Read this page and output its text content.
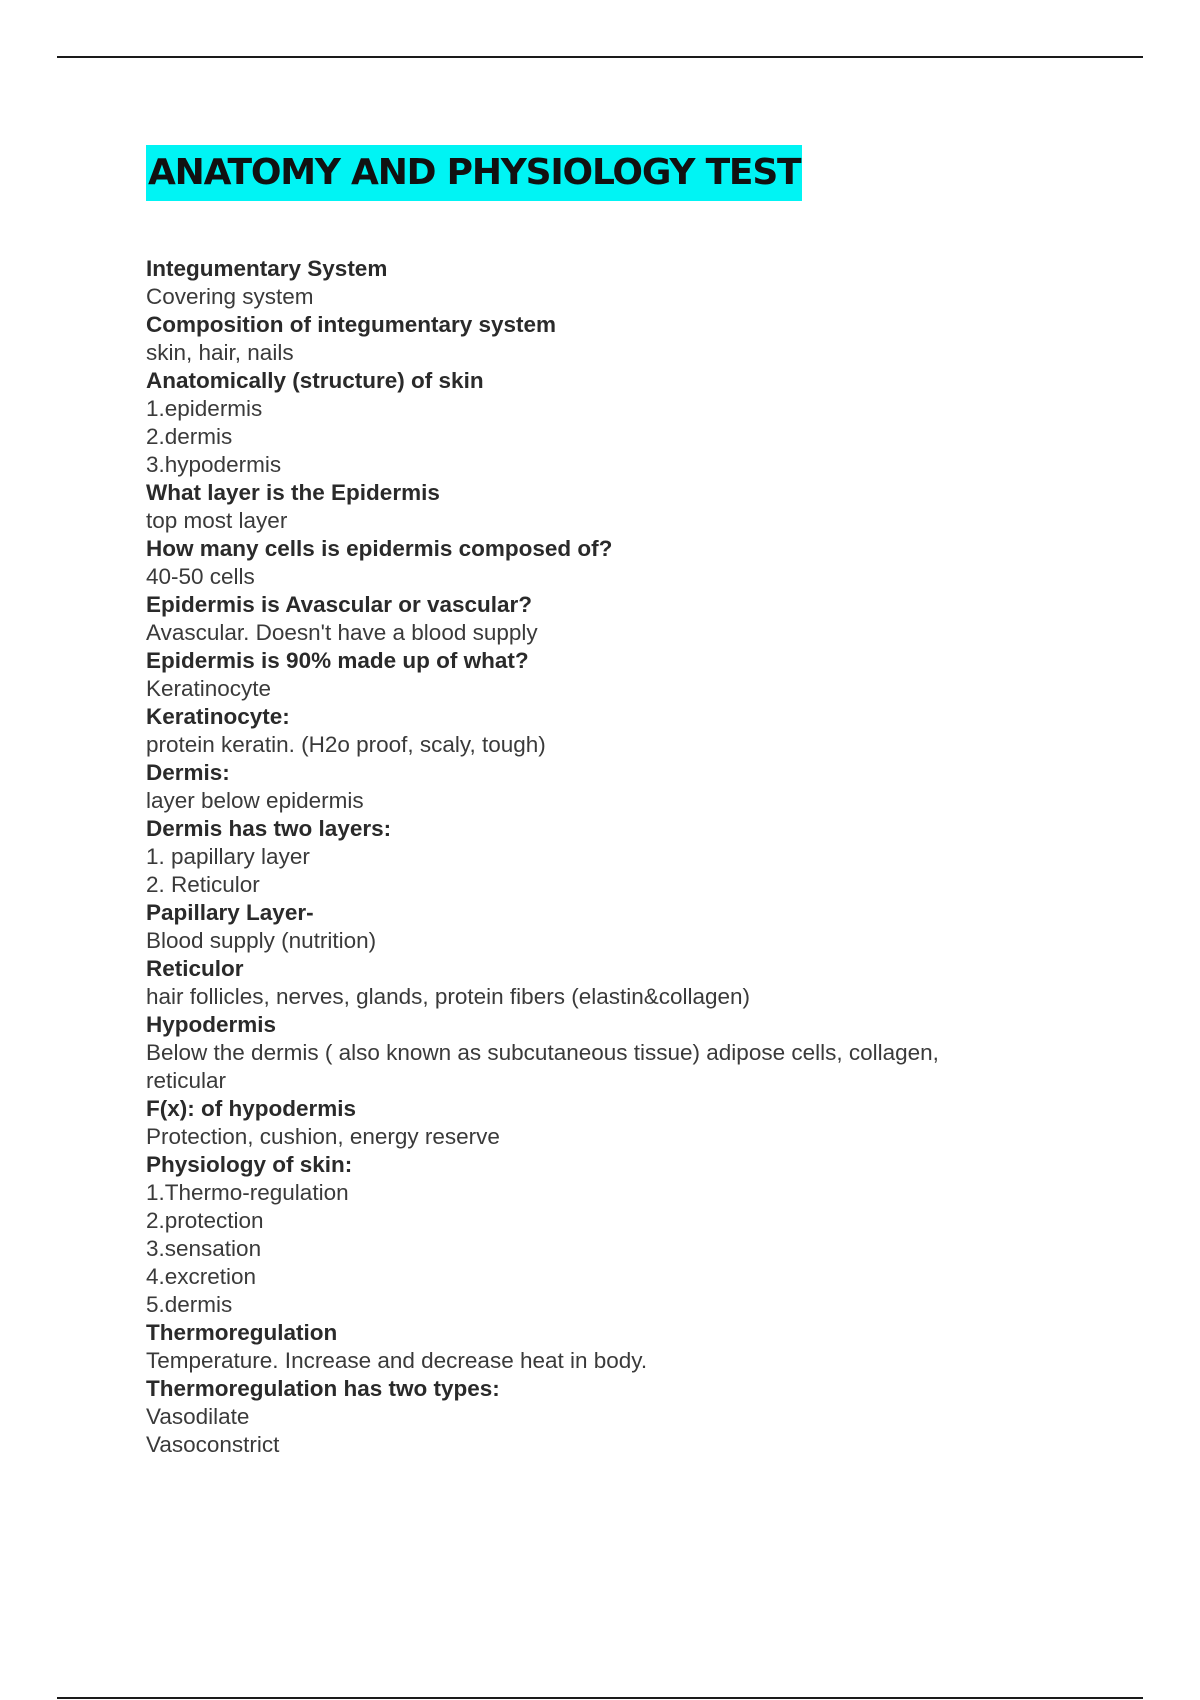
ANATOMY AND PHYSIOLOGY TEST
Integumentary System
Covering system
Composition of integumentary system
skin, hair, nails
Anatomically (structure) of skin
1.epidermis
2.dermis
3.hypodermis
What layer is the Epidermis
top most layer
How many cells is epidermis composed of?
40-50 cells
Epidermis is Avascular or vascular?
Avascular. Doesn't have a blood supply
Epidermis is 90% made up of what?
Keratinocyte
Keratinocyte:
protein keratin. (H2o proof, scaly, tough)
Dermis:
layer below epidermis
Dermis has two layers:
1. papillary layer
2. Reticulor
Papillary Layer-
Blood supply (nutrition)
Reticulor
hair follicles, nerves, glands, protein fibers (elastin&collagen)
Hypodermis
Below the dermis ( also known as subcutaneous tissue) adipose cells, collagen,
reticular
F(x): of hypodermis
Protection, cushion, energy reserve
Physiology of skin:
1.Thermo-regulation
2.protection
3.sensation
4.excretion
5.dermis
Thermoregulation
Temperature. Increase and decrease heat in body.
Thermoregulation has two types:
Vasodilate
Vasoconstrict
